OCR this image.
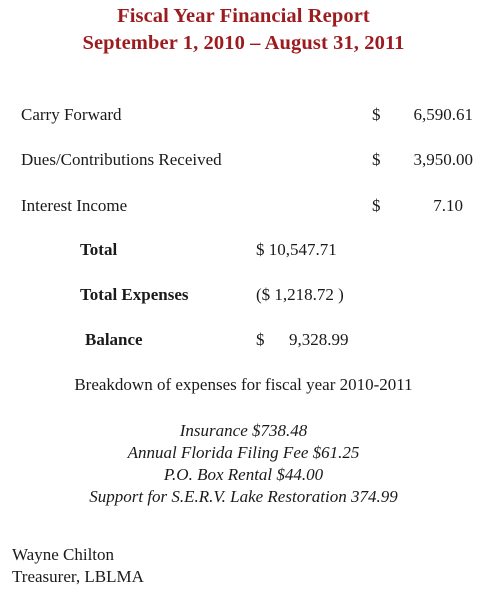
Fiscal Year Financial Report
September 1, 2010 – August 31, 2011
Carry Forward	$ 6,590.61
Dues/Contributions Received	$ 3,950.00
Interest Income	$	7.10
Total	$ 10,547.71
Total Expenses	($ 1,218.72 )
Balance	$ 9,328.99
Breakdown of expenses for fiscal year 2010-2011
Insurance $738.48
Annual Florida Filing Fee $61.25
P.O. Box Rental $44.00
Support for S.E.R.V. Lake Restoration 374.99
Wayne Chilton
Treasurer, LBLMA
